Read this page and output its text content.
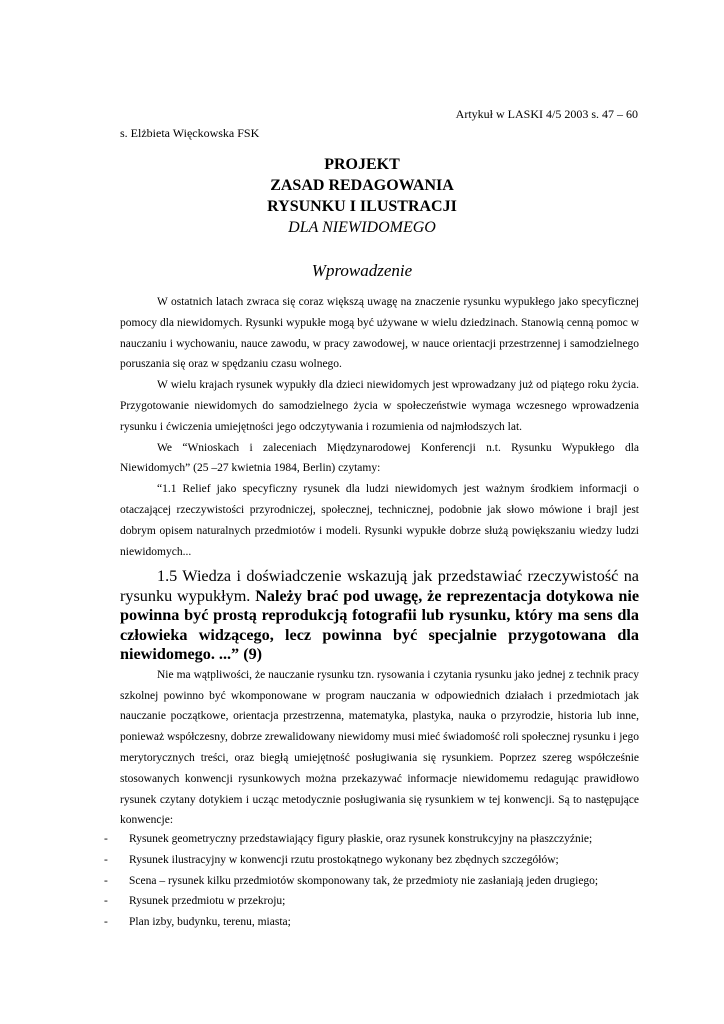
Artykuł w LASKI 4/5 2003 s. 47 – 60
s. Elżbieta Więckowska FSK
PROJEKT
ZASAD REDAGOWANIA
RYSUNKU I ILUSTRACJI
DLA NIEWIDOMEGO
Wprowadzenie

W ostatnich latach zwraca się coraz większą uwagę na znaczenie rysunku wypukłego jako specyficznej pomocy dla niewidomych. Rysunki wypukłe mogą być używane w wielu dziedzinach. Stanowią cenną pomoc w nauczaniu i wychowaniu, nauce zawodu, w pracy zawodowej, w nauce orientacji przestrzennej i samodzielnego poruszania się oraz w spędzaniu czasu wolnego.

W wielu krajach rysunek wypukły dla dzieci niewidomych jest wprowadzany już od piątego roku życia. Przygotowanie niewidomych do samodzielnego życia w społeczeństwie wymaga wczesnego wprowadzenia rysunku i ćwiczenia umiejętności jego odczytywania i rozumienia od najmłodszych lat.

We “Wnioskach i zaleceniach Międzynarodowej Konferencji n.t. Rysunku Wypukłego dla Niewidomych” (25 –27 kwietnia 1984, Berlin) czytamy:

“1.1 Relief jako specyficzny rysunek dla ludzi niewidomych jest ważnym środkiem informacji o otaczającej rzeczywistości przyrodniczej, społecznej, technicznej, podobnie jak słowo mówione i brajl jest dobrym opisem naturalnych przedmiotów i modeli. Rysunki wypukłe dobrze służą powiększaniu wiedzy ludzi niewidomych...

1.5 Wiedza i doświadczenie wskazują jak przedstawiać rzeczywistość na rysunku wypukłym. Należy brać pod uwagę, że reprezentacja dotykowa nie powinna być prostą reprodukcją fotografii lub rysunku, który ma sens dla człowieka widzącego, lecz powinna być specjalnie przygotowana dla niewidomego. ...” (9)

Nie ma wątpliwości, że nauczanie rysunku tzn. rysowania i czytania rysunku jako jednej z technik pracy szkolnej powinno być wkomponowane w program nauczania w odpowiednich działach i przedmiotach jak nauczanie początkowe, orientacja przestrzenna, matematyka, plastyka, nauka o przyrodzie, historia lub inne, ponieważ współczesny, dobrze zrewalidowany niewidomy musi mieć świadomość roli społecznej rysunku i jego merytorycznych treści, oraz biegłą umiejętność posługiwania się rysunkiem. Poprzez szereg współcześnie stosowanych konwencji rysunkowych można przekazywać informacje niewidomemu redagując prawidłowo rysunek czytany dotykiem i ucząc metodycznie posługiwania się rysunkiem w tej konwencji. Są to następujące konwencje:

- Rysunek geometryczny przedstawiający figury płaskie, oraz rysunek konstrukcyjny na płaszczyźnie;
- Rysunek ilustracyjny w konwencji rzutu prostokątnego wykonany bez zbędnych szczegółów;
- Scena – rysunek kilku przedmiotów skomponowany tak, że przedmioty nie zasłaniają jeden drugiego;
- Rysunek przedmiotu w przekroju;
- Plan izby, budynku, terenu, miasta;
